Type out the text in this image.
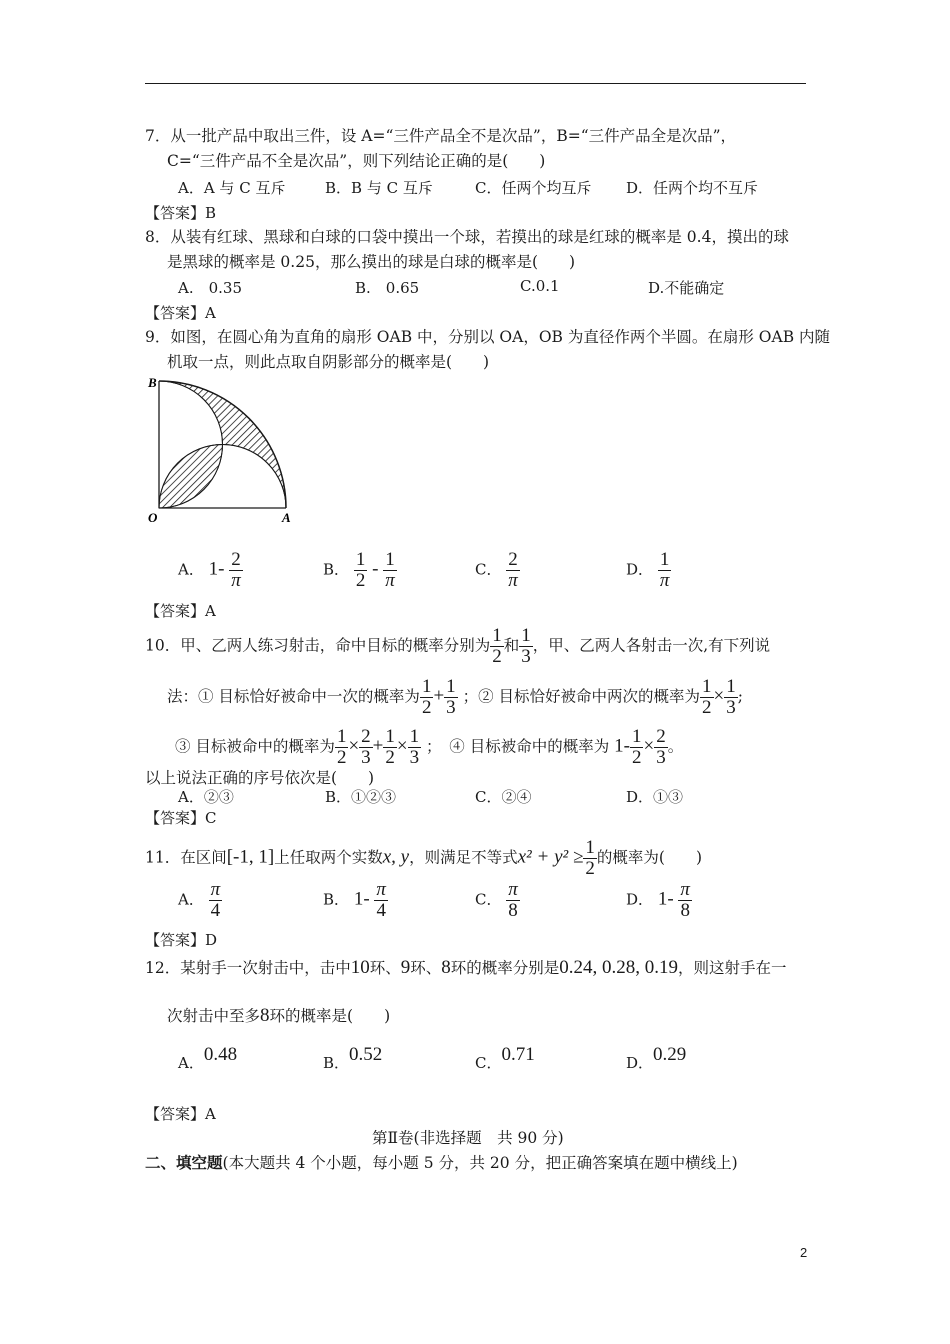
7．从一批产品中取出三件，设 A=“三件产品全不是次品”，B=“三件产品全是次品”，
C=“三件产品不全是次品”，则下列结论正确的是(　　)
A．A 与 C 互斥	B．B 与 C 互斥	C．任两个均互斥 D．任两个均不互斥
【答案】B
8．从装有红球、黑球和白球的口袋中摸出一个球，若摸出的球是红球的概率是 0.4，摸出的球
是黑球的概率是 0.25，那么摸出的球是白球的概率是(　　)
A.　0.35	B.　0.65	C.0.1	D.不能确定
【答案】A
9．如图，在圆心角为直角的扇形 OAB 中，分别以 OA，OB 为直径作两个半圆。在扇形 OAB 内随
机取一点，则此点取自阴影部分的概率是(　　)
B
O	A
A． $1- \frac{2}{\pi}$	B． $\frac{1}{2} - \frac{1}{\pi}$	C． $\frac{2}{\pi}$	D． $\frac{1}{\pi}$
【答案】A
10．甲、乙两人练习射击，命中目标的概率分别为 $\frac{1}{2}$ 和 $\frac{1}{3}$ ，甲、乙两人各射击一次,有下列说
法：① 目标恰好被命中一次的概率为 $\frac{1}{2} + \frac{1}{3}$ ；② 目标恰好被命中两次的概率为 $\frac{1}{2} \times \frac{1}{3}$ ;
③ 目标被命中的概率为 $\frac{1}{2} \times \frac{2}{3} + \frac{1}{2} \times \frac{1}{3}$ ；　④ 目标被命中的概率为 $1- \frac{1}{2} \times \frac{2}{3}$ 。
以上说法正确的序号依次是(　　)
A．②③	B．①②③	C．②④	D．①③
【答案】C
11．在区间[-1, 1]上任取两个实数x, y，则满足不等式$x^2 + y^2 \ge \frac{1}{2}$ 的概率为(　　)
A． $\frac{\pi}{4}$	B． $1- \frac{\pi}{4}$	C． $\frac{\pi}{8}$	D． $1- \frac{\pi}{8}$
【答案】D
12．某射手一次射击中，击中10环、9环、8环的概率分别是0.24, 0.28, 0.19，则这射手在一
次射击中至多8环的概率是(　　)
A．0.48	B．0.52	C．0.71	D．0.29
【答案】A
第Ⅱ卷(非选择题　共 90 分)
二、填空题(本大题共 4 个小题，每小题 5 分，共 20 分，把正确答案填在题中横线上)
2
